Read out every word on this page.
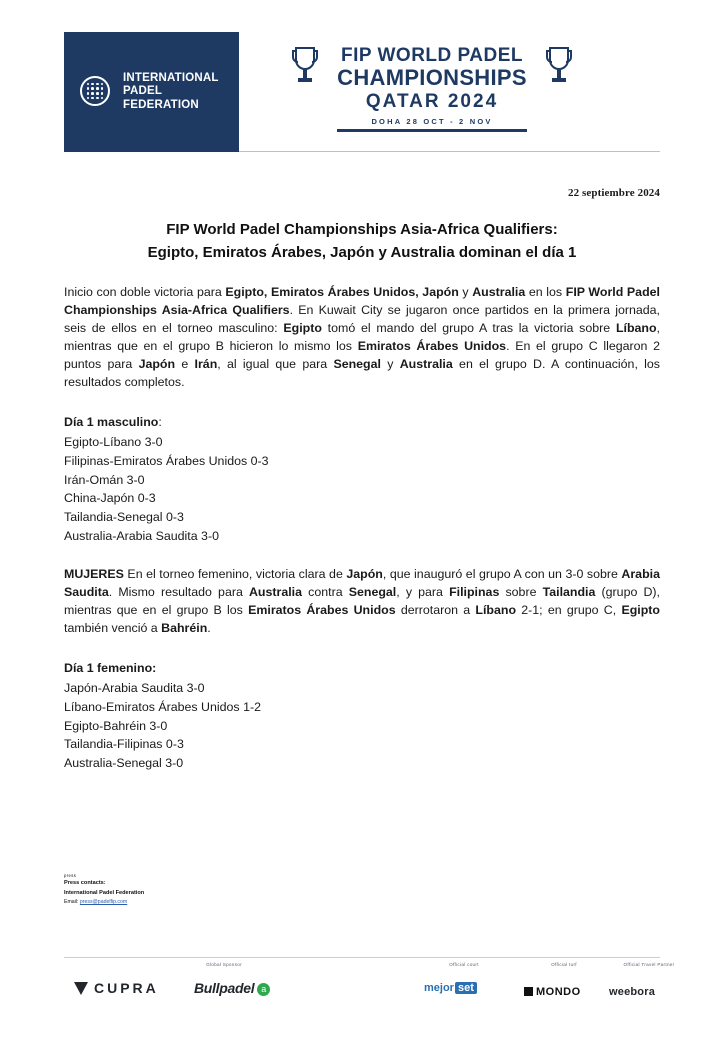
INTERNATIONAL
PADEL
FEDERATION
FIP WORLD PADEL
CHAMPIONSHIPS
QATAR 2024
DOHA 28 OCT - 2 NOV
22 septiembre 2024
FIP World Padel Championships Asia-Africa Qualifiers:
Egipto, Emiratos Árabes, Japón y Australia dominan el día 1
Inicio con doble victoria para Egipto, Emiratos Árabes Unidos, Japón y Australia en los FIP World Padel Championships Asia-Africa Qualifiers. En Kuwait City se jugaron once partidos en la primera jornada, seis de ellos en el torneo masculino: Egipto tomó el mando del grupo A tras la victoria sobre Líbano, mientras que en el grupo B hicieron lo mismo los Emiratos Árabes Unidos. En el grupo C llegaron 2 puntos para Japón e Irán, al igual que para Senegal y Australia en el grupo D. A continuación, los resultados completos.
Día 1 masculino:
Egipto-Líbano 3-0
Filipinas-Emiratos Árabes Unidos 0-3
Irán-Omán 3-0
China-Japón 0-3
Tailandia-Senegal 0-3
Australia-Arabia Saudita 3-0
MUJERES En el torneo femenino, victoria clara de Japón, que inauguró el grupo A con un 3-0 sobre Arabia Saudita. Mismo resultado para Australia contra Senegal, y para Filipinas sobre Tailandia (grupo D), mientras que en el grupo B los Emiratos Árabes Unidos derrotaron a Líbano 2-1; en grupo C, Egipto también venció a Bahréin.
Día 1 femenino:
Japón-Arabia Saudita 3-0
Líbano-Emiratos Árabes Unidos 1-2
Egipto-Bahréin 3-0
Tailandia-Filipinas 0-3
Australia-Senegal 3-0
press
Press contacts:
International Padel Federation
Email: press@padelfip.com
Global Sponsor
CUPRA	Bullpadel a
Official court
mejor set
Official turf
MONDO
Official Travel Partner
weebora
